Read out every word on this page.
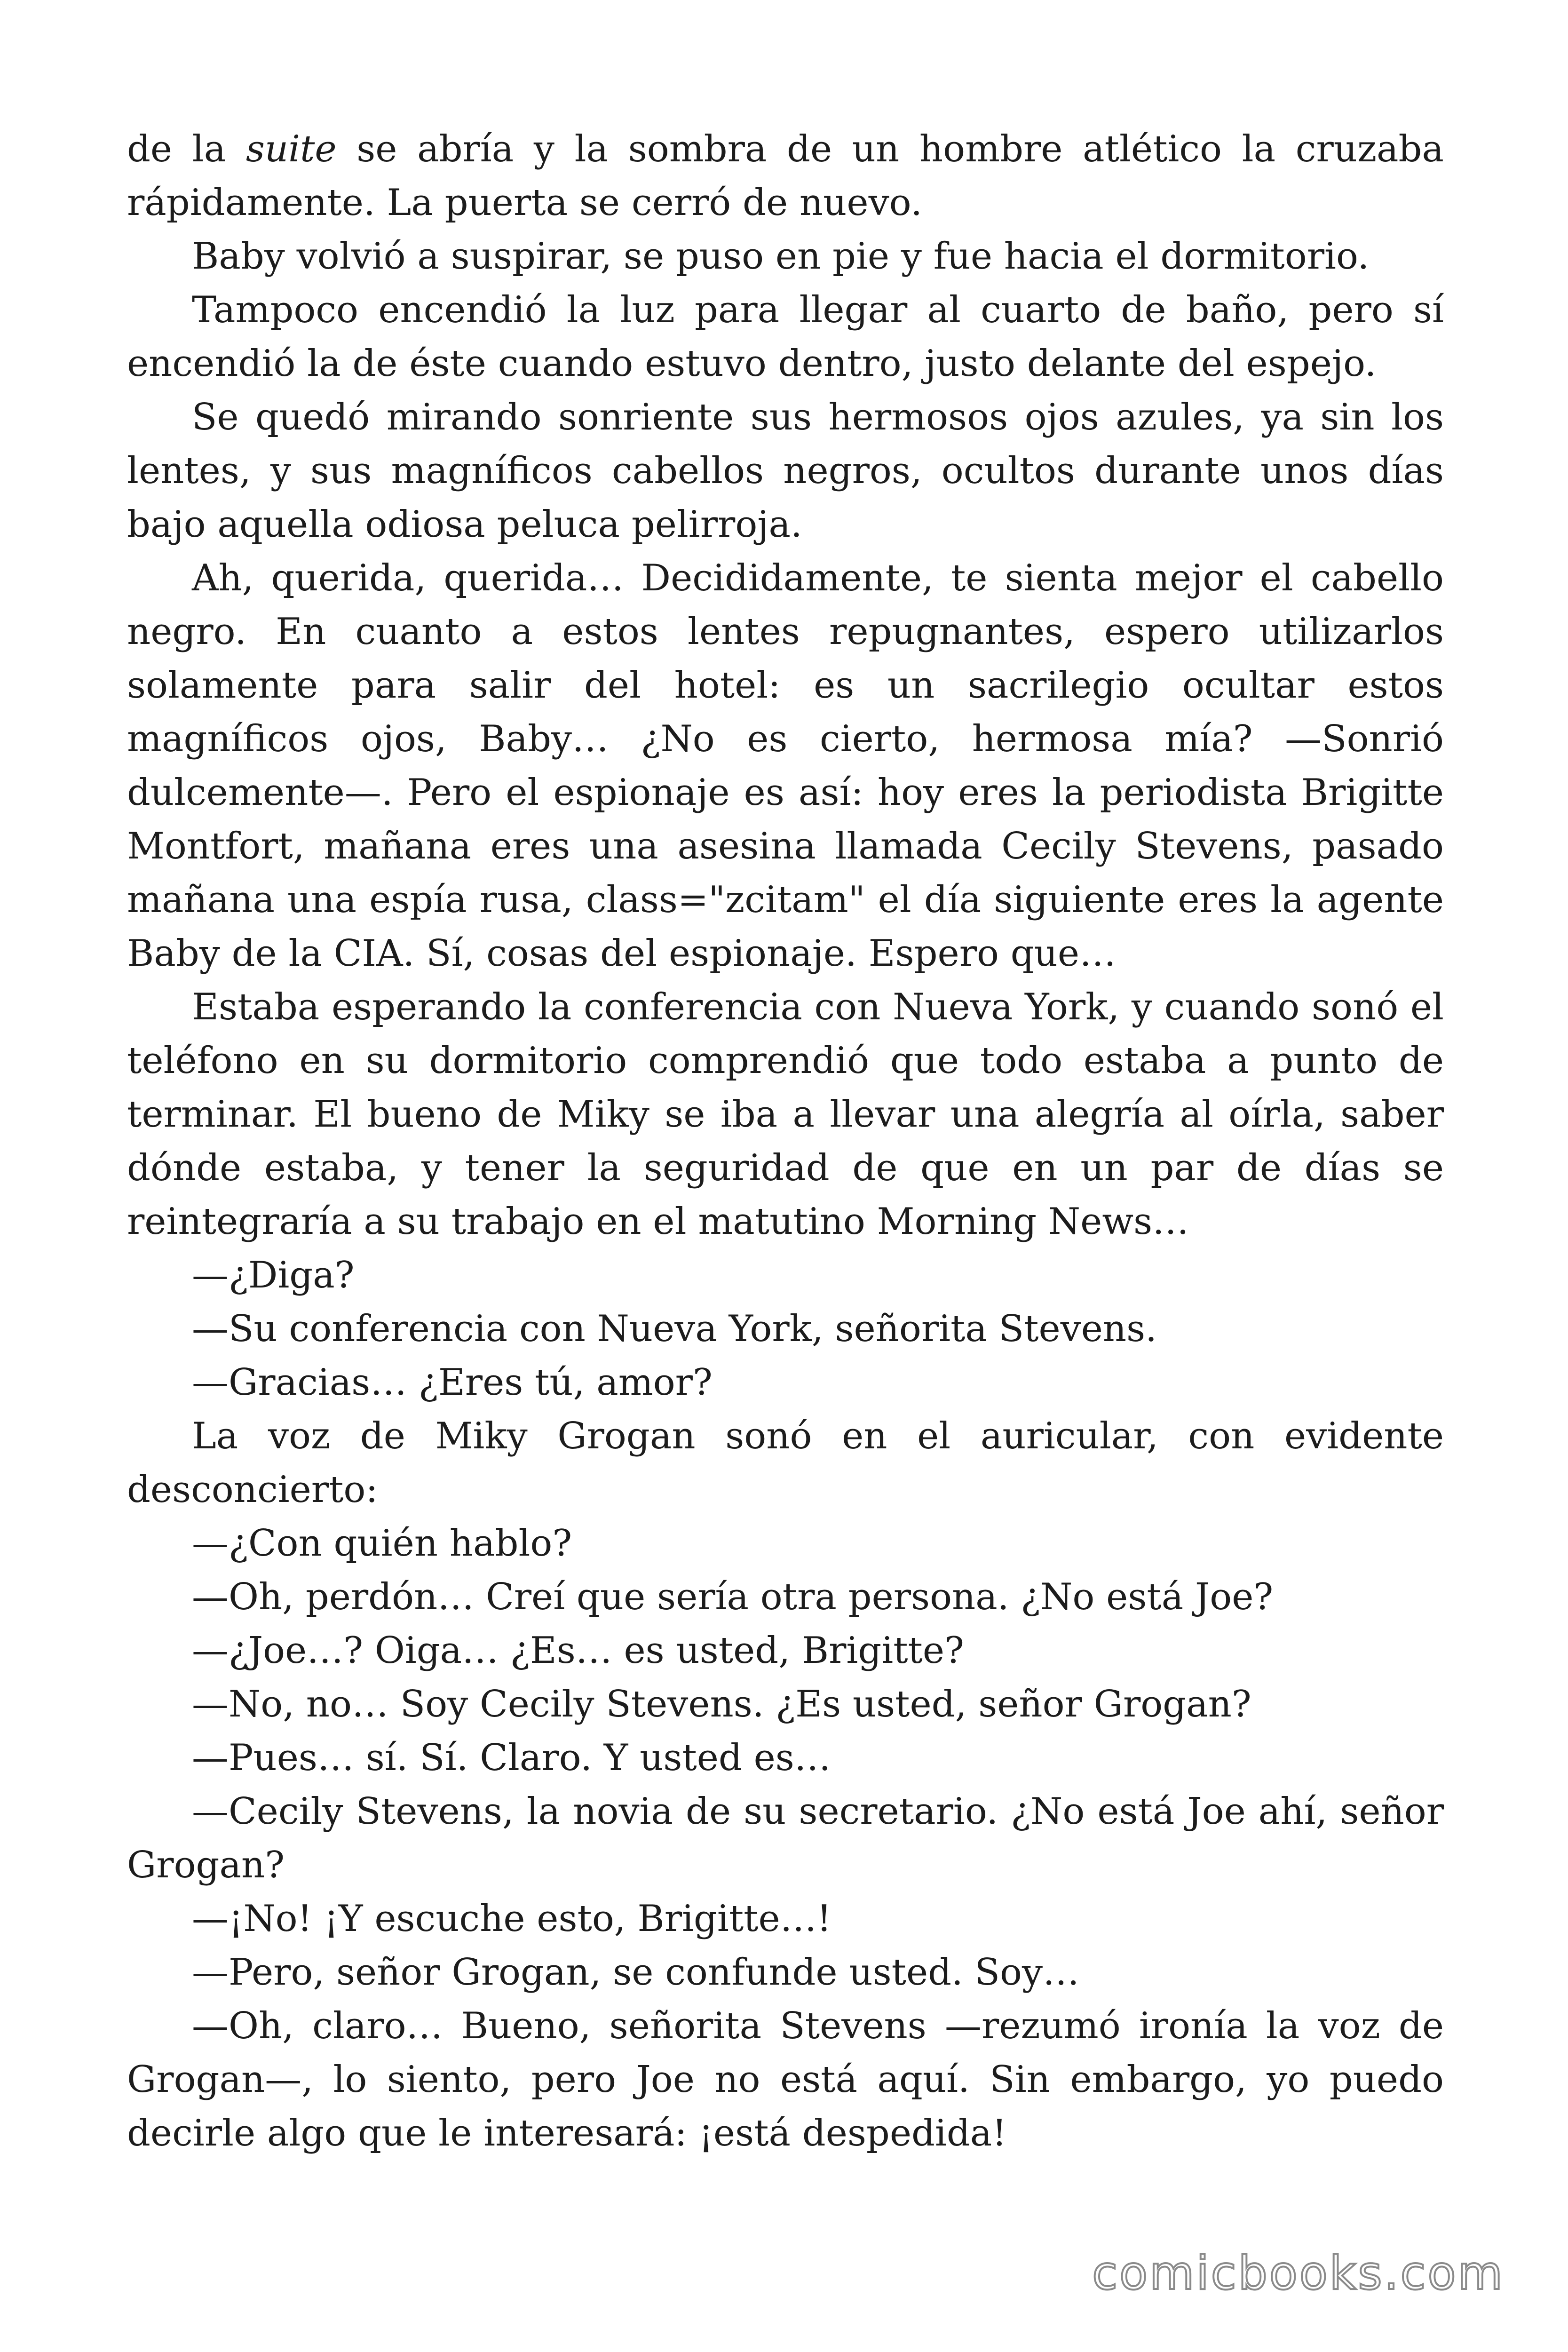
de la suite se abría y la sombra de un hombre atlético la cruzaba rápidamente. La puerta se cerró de nuevo.

Baby volvió a suspirar, se puso en pie y fue hacia el dormitorio.

Tampoco encendió la luz para llegar al cuarto de baño, pero sí encendió la de éste cuando estuvo dentro, justo delante del espejo.

Se quedó mirando sonriente sus hermosos ojos azules, ya sin los lentes, y sus magníficos cabellos negros, ocultos durante unos días bajo aquella odiosa peluca pelirroja.

Ah, querida, querida… Decididamente, te sienta mejor el cabello negro. En cuanto a estos lentes repugnantes, espero utilizarlos solamente para salir del hotel: es un sacrilegio ocultar estos magníficos ojos, Baby… ¿No es cierto, hermosa mía? —Sonrió dulcemente—. Pero el espionaje es así: hoy eres la periodista Brigitte Montfort, mañana eres una asesina llamada Cecily Stevens, pasado mañana una espía rusa, class="zcitam" el día siguiente eres la agente Baby de la CIA. Sí, cosas del espionaje. Espero que…

Estaba esperando la conferencia con Nueva York, y cuando sonó el teléfono en su dormitorio comprendió que todo estaba a punto de terminar. El bueno de Miky se iba a llevar una alegría al oírla, saber dónde estaba, y tener la seguridad de que en un par de días se reintegraría a su trabajo en el matutino Morning News…

—¿Diga?

—Su conferencia con Nueva York, señorita Stevens.

—Gracias… ¿Eres tú, amor?

La voz de Miky Grogan sonó en el auricular, con evidente desconcierto:

—¿Con quién hablo?

—Oh, perdón… Creí que sería otra persona. ¿No está Joe?

—¿Joe…? Oiga… ¿Es… es usted, Brigitte?

—No, no… Soy Cecily Stevens. ¿Es usted, señor Grogan?

—Pues… sí. Sí. Claro. Y usted es…

—Cecily Stevens, la novia de su secretario. ¿No está Joe ahí, señor Grogan?

—¡No! ¡Y escuche esto, Brigitte…!

—Pero, señor Grogan, se confunde usted. Soy…

—Oh, claro… Bueno, señorita Stevens —rezumó ironía la voz de Grogan—, lo siento, pero Joe no está aquí. Sin embargo, yo puedo decirle algo que le interesará: ¡está despedida!

comicbooks.com
